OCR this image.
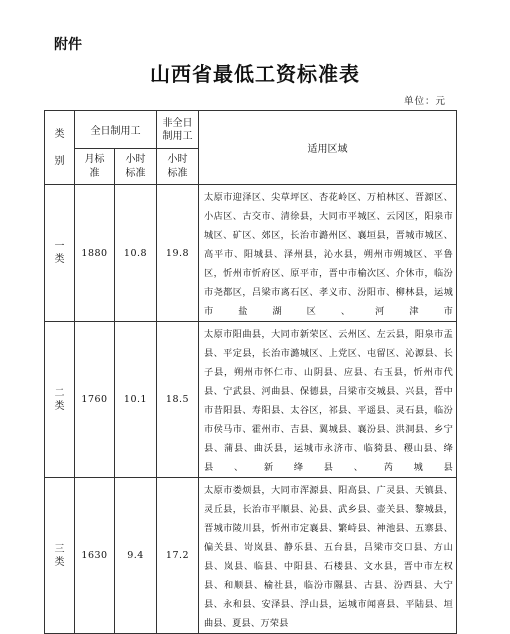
附件
山西省最低工资标准表
单位：元
类

别	全日制用工		非全日制用工	适用区域
	月标准	小时标准	小时标准	

一
类	1880	10.8	19.8	太原市迎泽区、尖草坪区、杏花岭区、万柏林区、晋源区、小店区、古交市、清徐县，大同市平城区、云冈区，阳泉市城区、矿区、郊区，长治市潞州区、襄垣县，晋城市城区、高平市、阳城县、泽州县，沁水县，朔州市朔城区、平鲁区，忻州市忻府区、原平市，晋中市榆次区、介休市，临汾市尧都区，吕梁市离石区、孝义市、汾阳市、柳林县，运城市盐湖区、河津市

二
类	1760	10.1	18.5	太原市阳曲县，大同市新荣区、云州区、左云县，阳泉市盂县、平定县，长治市潞城区、上党区、屯留区、沁源县、长子县，朔州市怀仁市、山阴县、应县、右玉县，忻州市代县、宁武县、河曲县、保德县，吕梁市交城县、兴县，晋中市昔阳县、寿阳县、太谷区，祁县、平遥县、灵石县，临汾市侯马市、霍州市、吉县、翼城县、襄汾县、洪洞县、乡宁县、蒲县、曲沃县，运城市永济市、临猗县、稷山县、绛县、新绛县、芮城县

三
类	1630	9.4	17.2	太原市娄烦县，大同市浑源县、阳高县、广灵县、天镇县、灵丘县，长治市平顺县、沁县、武乡县、壶关县、黎城县，晋城市陵川县，忻州市定襄县、繁峙县、神池县、五寨县、偏关县、岢岚县、静乐县、五台县，吕梁市交口县、方山县、岚县、临县、中阳县、石楼县、文水县，晋中市左权县、和顺县、榆社县，临汾市隰县、古县、汾西县、大宁县、永和县、安泽县、浮山县，运城市闻喜县、平陆县、垣曲县、夏县、万荣县
